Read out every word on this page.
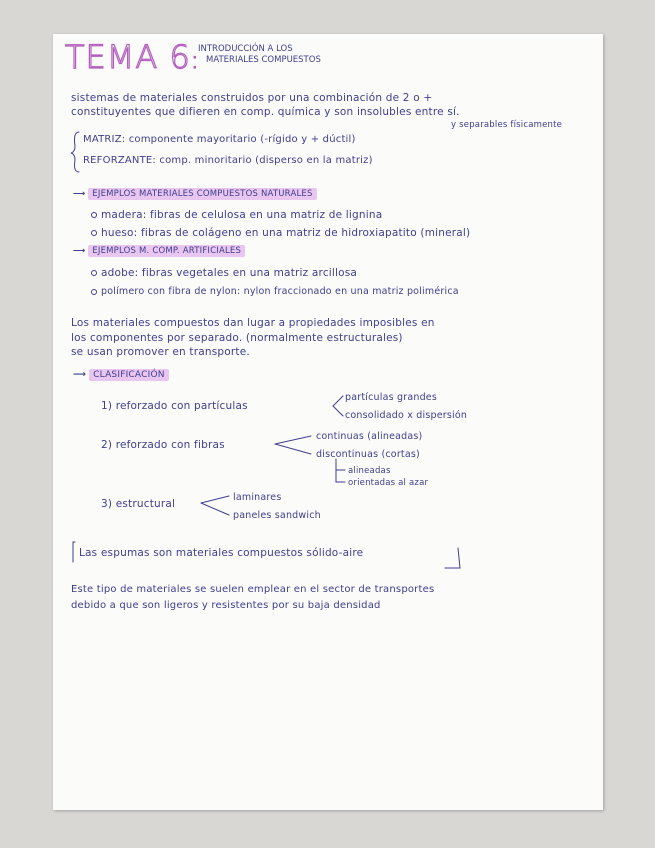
TEMA 6:
INTRODUCCIÓN A LOS
MATERIALES COMPUESTOS
sistemas de materiales construidos por una combinación de 2 o +
constituyentes que difieren en comp. química y son insolubles entre sí.
y separables físicamente
MATRIZ: componente mayoritario (-rígido y + dúctil)
REFORZANTE: comp. minoritario (disperso en la matriz)
⟶ EJEMPLOS MATERIALES COMPUESTOS NATURALES
madera: fibras de celulosa en una matriz de lignina
hueso: fibras de colágeno en una matriz de hidroxiapatito (mineral)
⟶ EJEMPLOS M. COMP. ARTIFICIALES
adobe: fibras vegetales en una matriz arcillosa
polímero con fibra de nylon: nylon fraccionado en una matriz polimérica
Los materiales compuestos dan lugar a propiedades imposibles en
los componentes por separado. (normalmente estructurales)
se usan promover en transporte.
⟶ CLASIFICACIÓN
1) reforzado con partículas
partículas grandes
consolidado x dispersión
2) reforzado con fibras
continuas (alineadas)
discontinuas (cortas)
alineadas
orientadas al azar
3) estructural
laminares
paneles sandwich
Las espumas son materiales compuestos sólido-aire
Este tipo de materiales se suelen emplear en el sector de transportes
debido a que son ligeros y resistentes por su baja densidad
